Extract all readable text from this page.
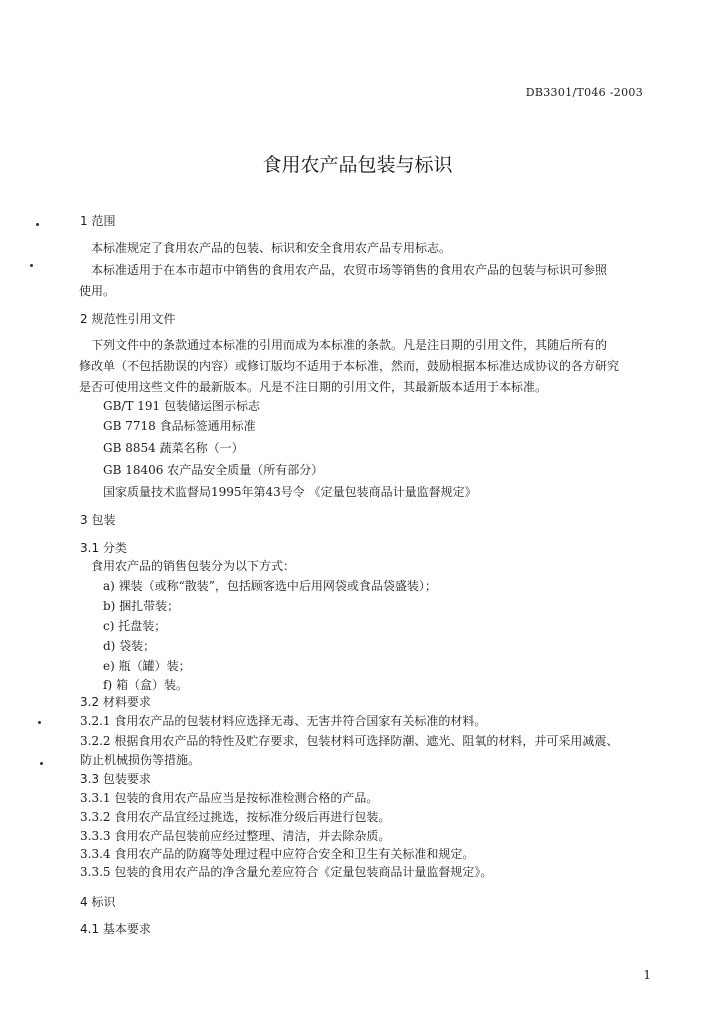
DB3301/T046 -2003
食用农产品包装与标识
1 范围
本标准规定了食用农产品的包装、标识和安全食用农产品专用标志。
本标准适用于在本市超市中销售的食用农产品，农贸市场等销售的食用农产品的包装与标识可参照
使用。
2 规范性引用文件
下列文件中的条款通过本标准的引用而成为本标准的条款。凡是注日期的引用文件，其随后所有的
修改单（不包括勘误的内容）或修订版均不适用于本标准，然而，鼓励根据本标准达成协议的各方研究
是否可使用这些文件的最新版本。凡是不注日期的引用文件，其最新版本适用于本标准。
GB/T 191 包装储运图示标志
GB 7718 食品标签通用标准
GB 8854 蔬菜名称（一）
GB 18406 农产品安全质量（所有部分）
国家质量技术监督局1995年第43号令 《定量包装商品计量监督规定》
3 包装
3.1 分类
食用农产品的销售包装分为以下方式：
a) 裸装（或称“散装”，包括顾客选中后用网袋或食品袋盛装）；
b) 捆扎带装；
c) 托盘装；
d) 袋装；
e) 瓶（罐）装；
f) 箱（盒）装。
3.2 材料要求
3.2.1 食用农产品的包装材料应选择无毒、无害并符合国家有关标准的材料。
3.2.2 根据食用农产品的特性及贮存要求，包装材料可选择防潮、遮光、阻氧的材料，并可采用减震、
防止机械损伤等措施。
3.3 包装要求
3.3.1 包装的食用农产品应当是按标准检测合格的产品。
3.3.2 食用农产品宜经过挑选，按标准分级后再进行包装。
3.3.3 食用农产品包装前应经过整理、清洁，并去除杂质。
3.3.4 食用农产品的防腐等处理过程中应符合安全和卫生有关标准和规定。
3.3.5 包装的食用农产品的净含量允差应符合《定量包装商品计量监督规定》。
4 标识
4.1 基本要求
1
